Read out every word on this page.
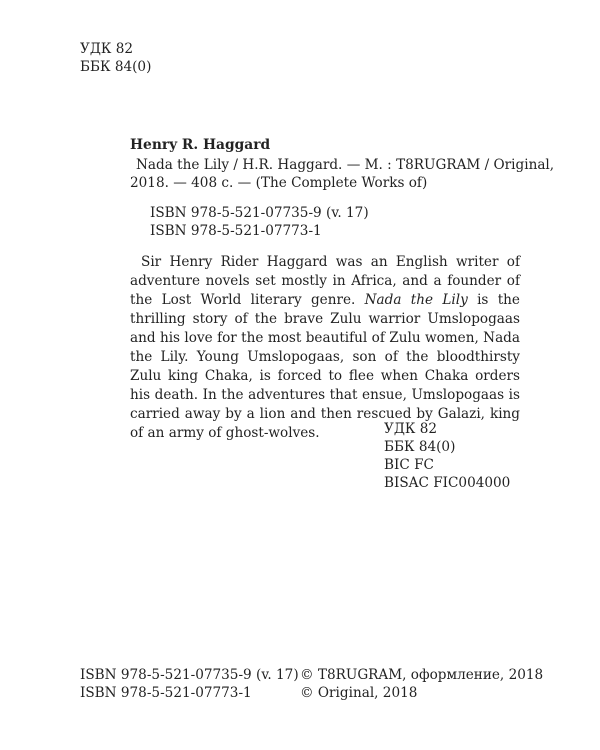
УДК 82
ББК 84(0)
Henry R. Haggard

Nada the Lily / H.R. Haggard. — M. : T8RUGRAM / Original,

2018. — 408 c. — (The Complete Works of)

ISBN 978-5-521-07735-9 (v. 17)
ISBN 978-5-521-07773-1

Sir Henry Rider Haggard was an English writer of adventure novels set mostly in Africa, and a founder of the Lost World literary genre. Nada the Lily is the thrilling story of the brave Zulu warrior Umslopogaas and his love for the most beautiful of Zulu women, Nada the Lily. Young Umslopogaas, son of the bloodthirsty Zulu king Chaka, is forced to flee when Chaka orders his death. In the adventures that ensue, Umslopogaas is carried away by a lion and then rescued by Galazi, king of an army of ghost-wolves.	УДК 82
ББК 84(0)
BIC FC
BISAC FIC004000
ISBN 978-5-521-07735-9 (v. 17)
ISBN 978-5-521-07773-1
© T8RUGRAM, оформление, 2018
© Original, 2018
